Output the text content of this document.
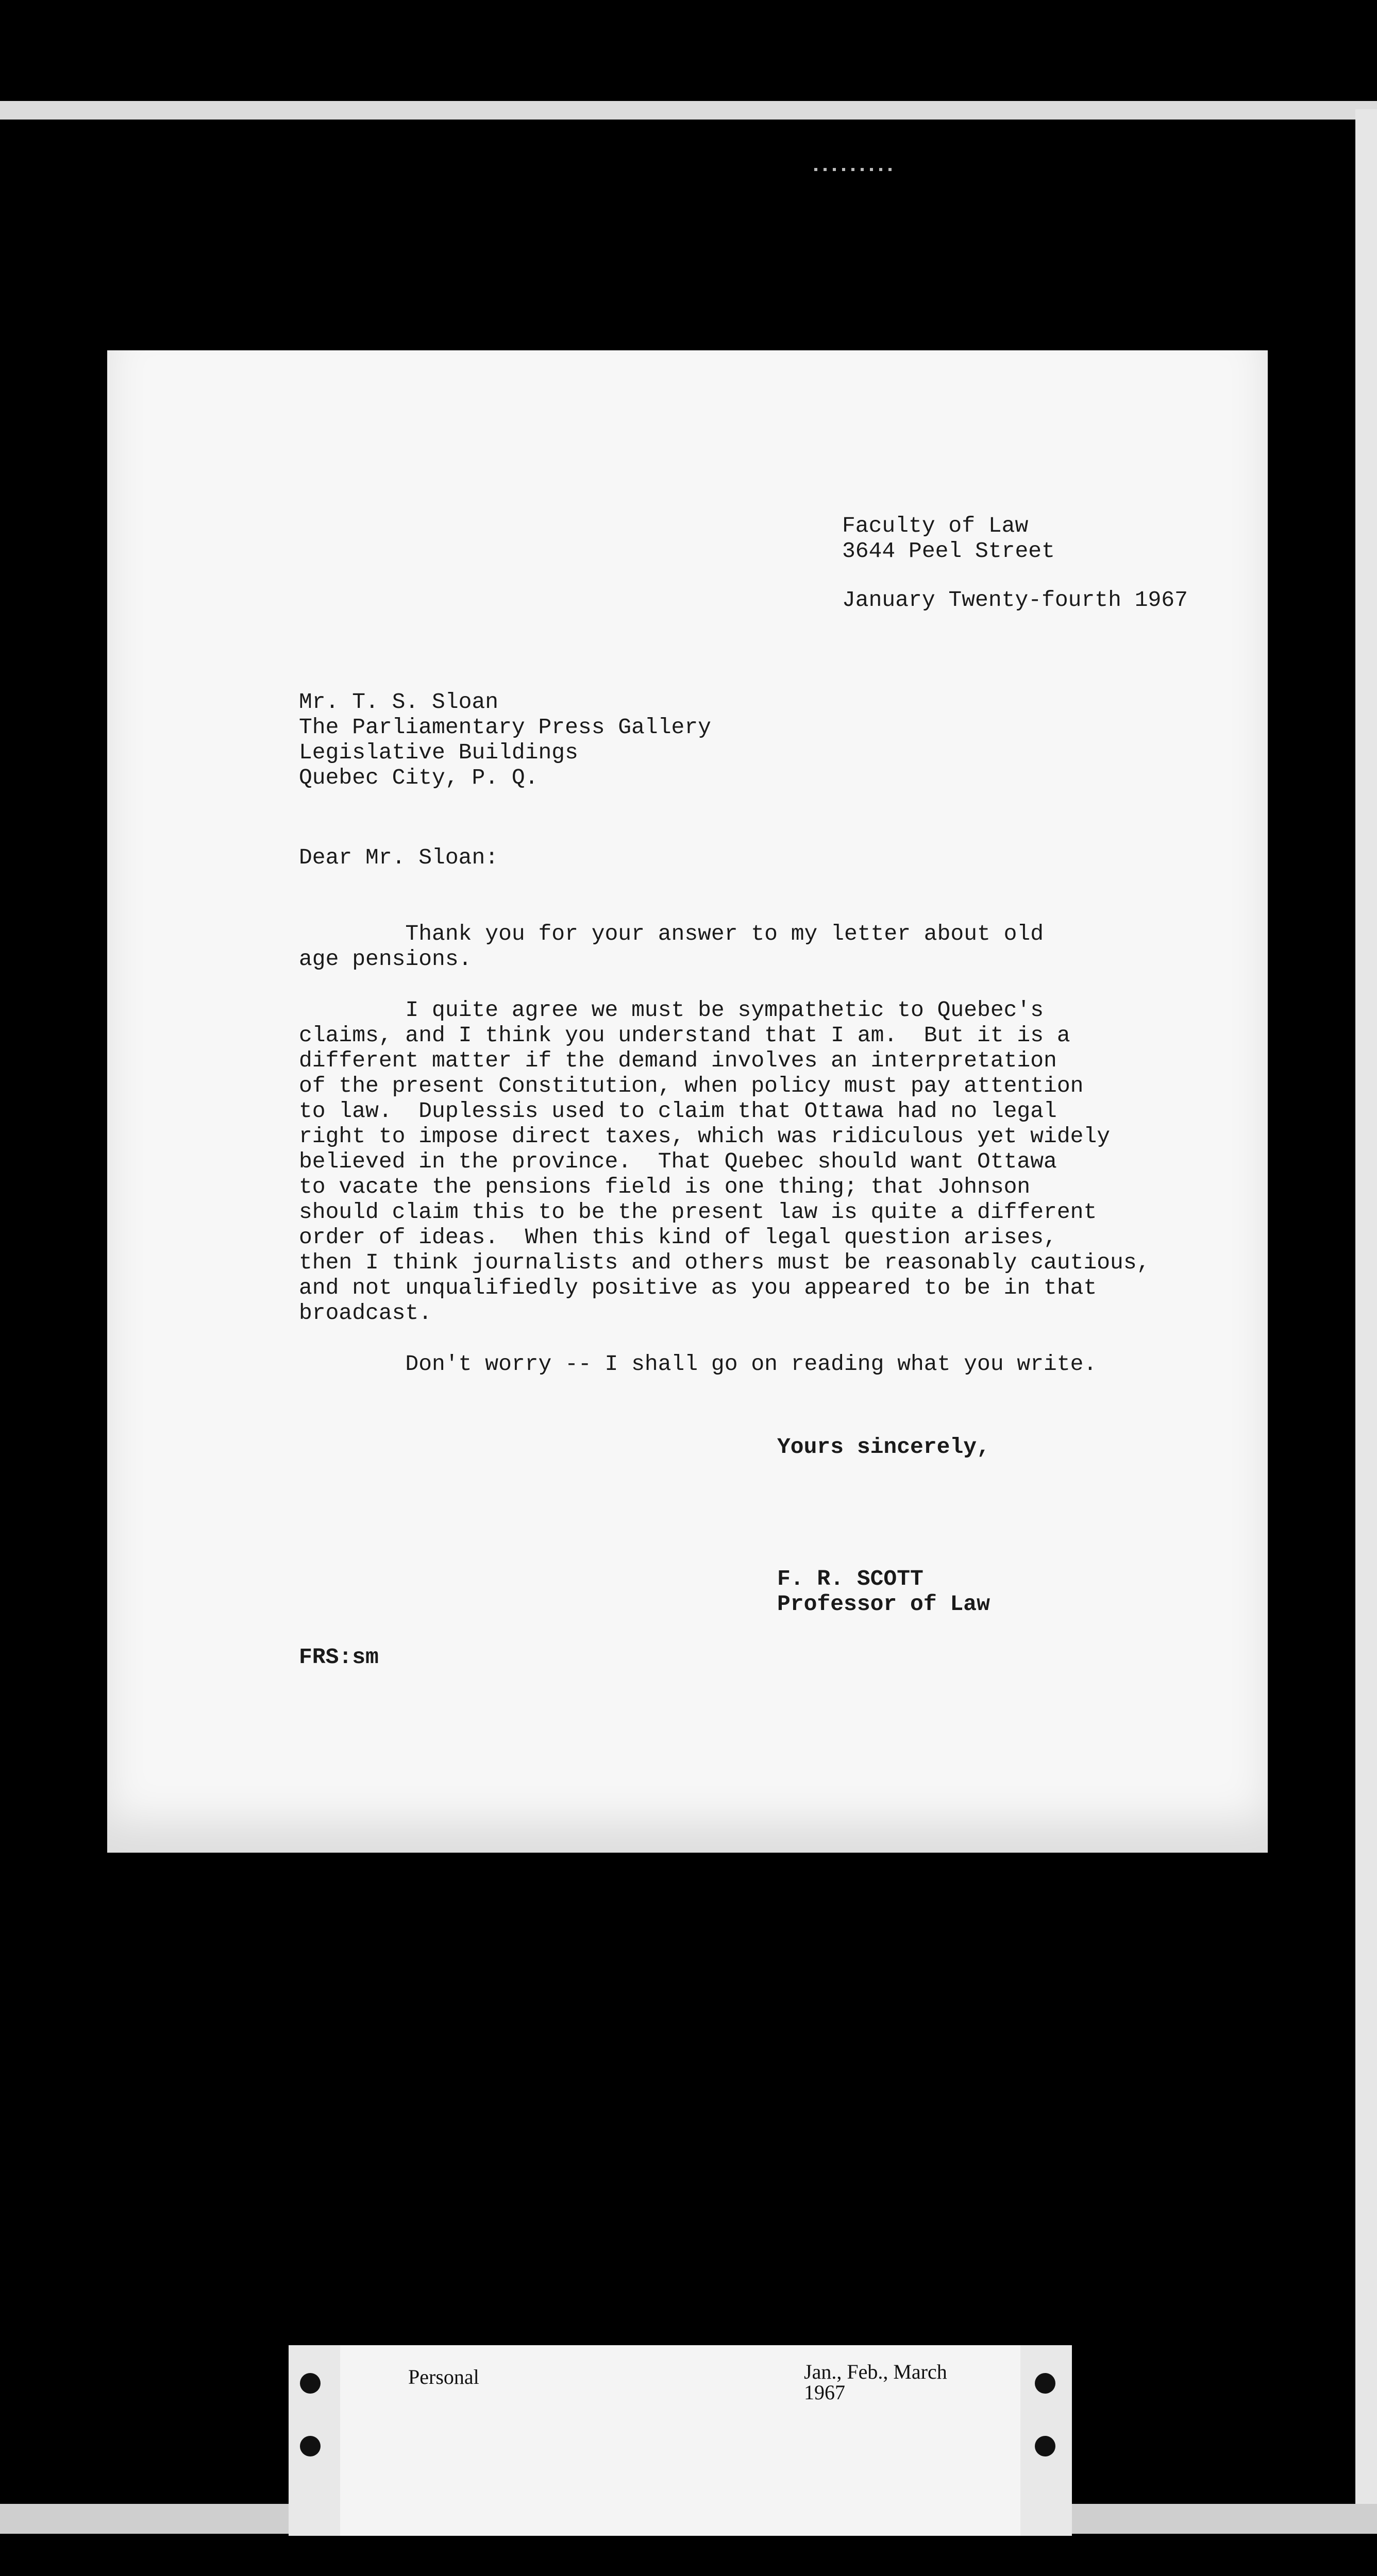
Faculty of Law
3644 Peel Street
January Twenty-fourth 1967
Mr. T. S. Sloan
The Parliamentary Press Gallery
Legislative Buildings
Quebec City, P. Q.
Dear Mr. Sloan:
Thank you for your answer to my letter about old
age pensions.
I quite agree we must be sympathetic to Quebec's
claims, and I think you understand that I am.  But it is a
different matter if the demand involves an interpretation
of the present Constitution, when policy must pay attention
to law.  Duplessis used to claim that Ottawa had no legal
right to impose direct taxes, which was ridiculous yet widely
believed in the province.  That Quebec should want Ottawa
to vacate the pensions field is one thing; that Johnson
should claim this to be the present law is quite a different
order of ideas.  When this kind of legal question arises,
then I think journalists and others must be reasonably cautious,
and not unqualifiedly positive as you appeared to be in that
broadcast.
Don't worry -- I shall go on reading what you write.
Yours sincerely,
F. R. SCOTT
Professor of Law
FRS:sm
Personal	Jan., Feb., March
1967
